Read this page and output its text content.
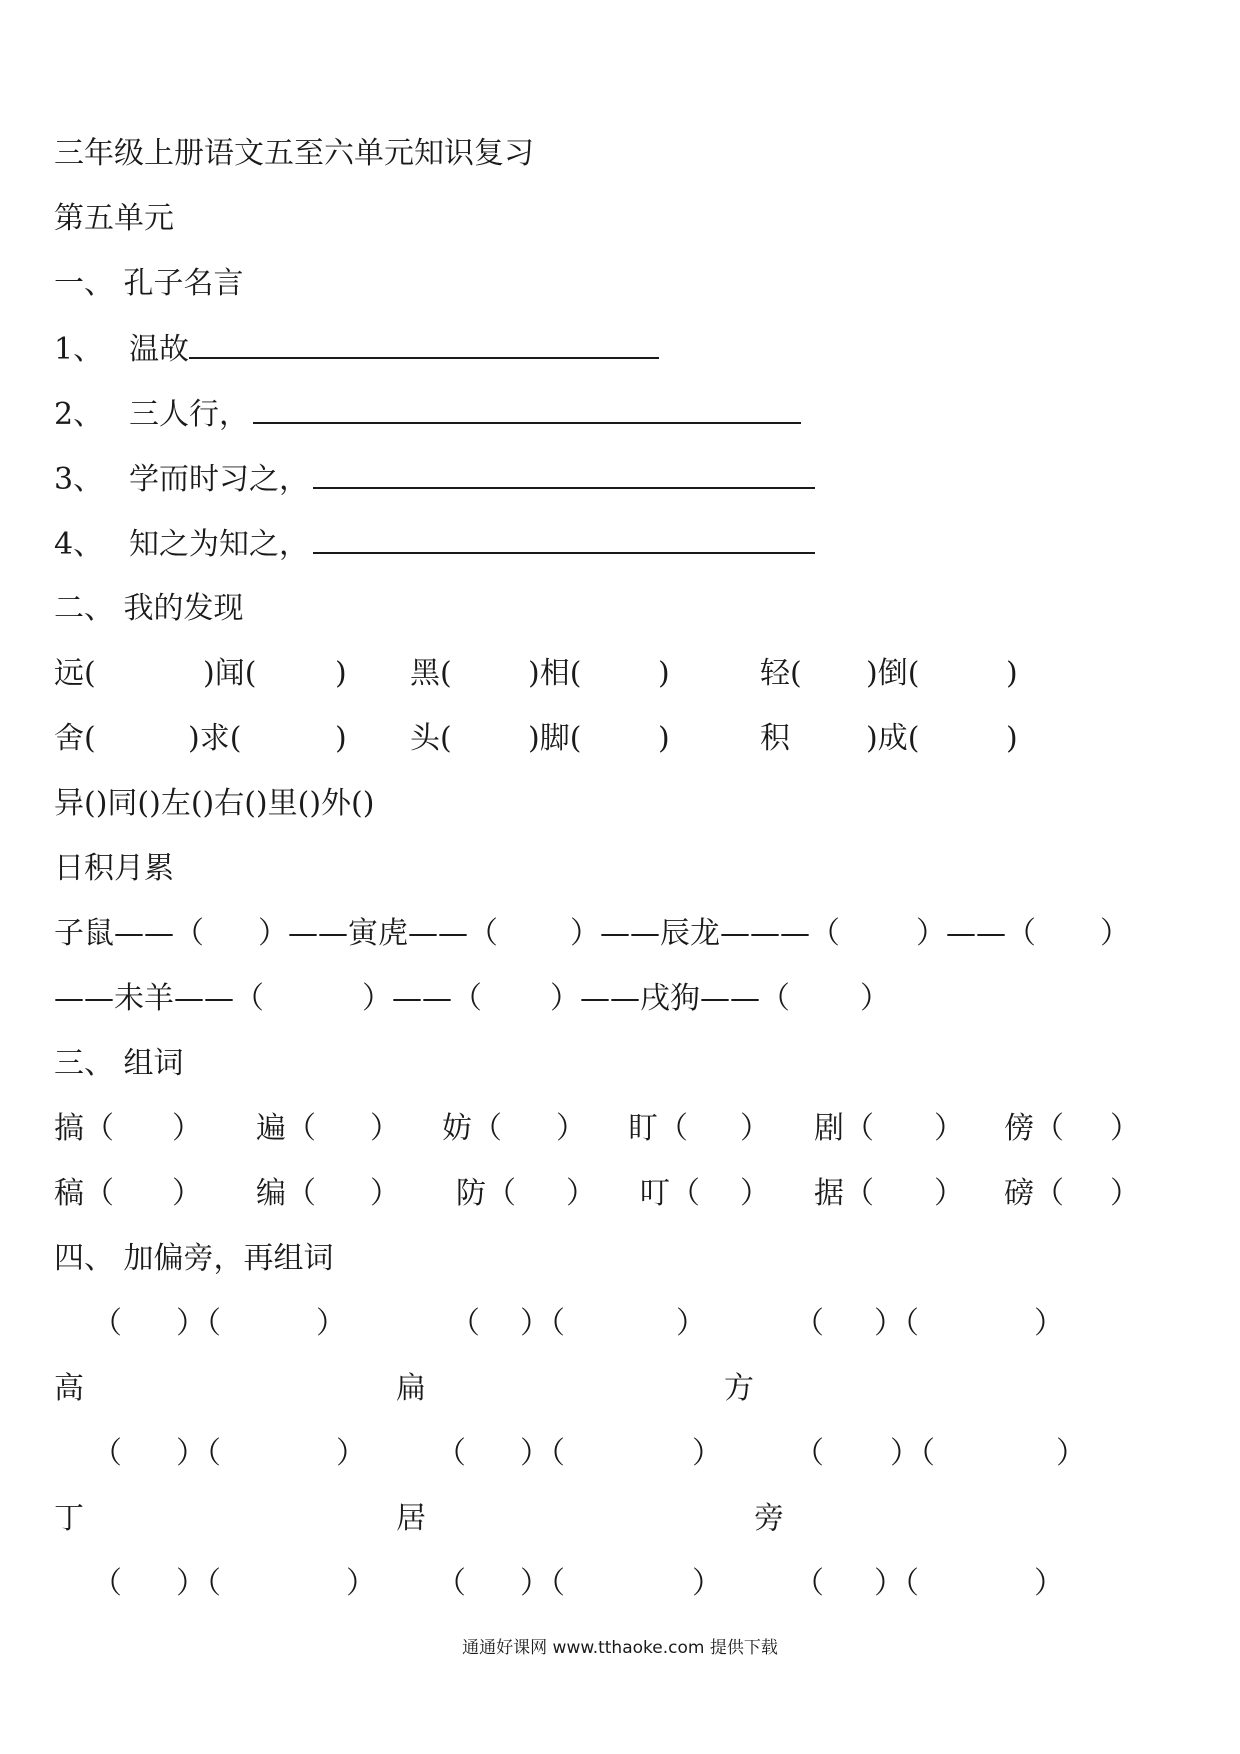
三年级上册语文五至六单元知识复习
第五单元
一、 孔子名言
1、 温故
2、 三人行，
3、 学而时习之，
4、 知之为知之，
二、 我的发现
远(	)闻(	) 黑(	)相(	)	轻( )倒(	)
舍(	)求(	) 头(	)脚(	)	积	)成(	)
异()同()左()右()里()外()
日积月累
子鼠——（ ）——寅虎——（ ）——辰龙———（	）——（ ）
——未羊——（	）——（ ）——戌狗——（ ）
三、 组词
搞（ ） 遍（ ） 妨（ ） 盯（ ） 剧（ ） 傍（ ）
稿（ ） 编（ ） 防（ ） 叮（ ） 据（ ） 磅（ ）
四、 加偏旁，再组词
（ ）（	）	（ ）（	）	（ ）（	）
高	扁	方
（ ）（	） （ ）（	） （ ）（	）
丁	居	旁
（ ）（	） （ ）（	） （ ）（	）
通通好课网 www.tthaoke.com 提供下载
